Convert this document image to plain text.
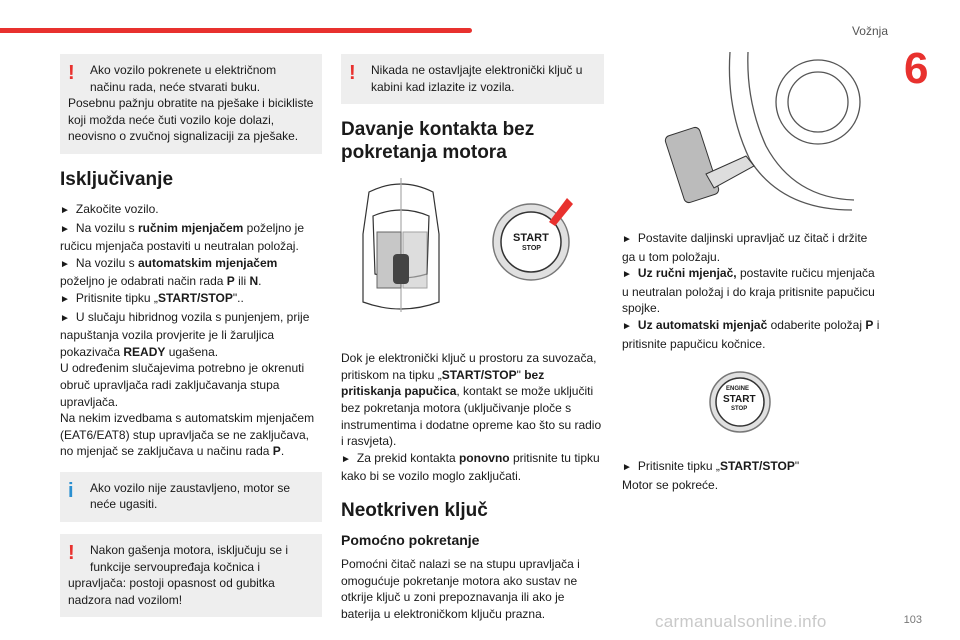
Vožnja
6
!	Ako vozilo pokrenete u električnom načinu rada, neće stvarati buku.

Posebnu pažnju obratite na pješake i bicikliste koji možda neće čuti vozilo koje dolazi, neovisno o zvučnoj signalizaciji za pješake.

Isključivanje

► Zakočite vozilo.

► Na vozilu s ručnim mjenjačem poželjno je ručicu mjenjača postaviti u neutralan položaj.

► Na vozilu s automatskim mjenjačem poželjno je odabrati način rada P ili N.

► Pritisnite tipku „START/STOP"..

► U slučaju hibridnog vozila s punjenjem, prije napuštanja vozila provjerite je li žaruljica pokazivača READY ugašena.

U određenim slučajevima potrebno je okrenuti obruč upravljača radi zaključavanja stupa upravljača.

Na nekim izvedbama s automatskim mjenjačem (EAT6/EAT8) stup upravljača se ne zaključava, no mjenjač se zaključava u načinu rada P.

i	Ako vozilo nije zaustavljeno, motor se neće ugasiti.

!	Nakon gašenja motora, isključuju se i funkcije servoupređaja kočnica i

upravljača: postoji opasnost od gubitka nadzora nad vozilom!

!	Nikada ne ostavljajte elektronički ključ u kabini kad izlazite iz vozila.

Davanje kontakta bez pokretanja motora
START
STOP

Dok je elektronički ključ u prostoru za suvozača, pritiskom na tipku „START/STOP" bez pritiskanja papučica, kontakt se može uključiti bez pokretanja motora (uključivanje ploče s instrumentima i dodatne opreme kao što su radio i rasvjeta).

► Za prekid kontakta ponovno pritisnite tu tipku kako bi se vozilo moglo zaključati.

Neotkriven ključ
Pomoćno pokretanje

Pomoćni čitač nalazi se na stupu upravljača i omogućuje pokretanje motora ako sustav ne otkrije ključ u zoni prepoznavanja ili ako je baterija u elektroničkom ključu prazna.

► Postavite daljinski upravljač uz čitač i držite ga u tom položaju.

► Uz ručni mjenjač, postavite ručicu mjenjača u neutralan položaj i do kraja pritisnite papučicu spojke.

► Uz automatski mjenjač odaberite položaj P i pritisnite papučicu kočnice.

ENGINE
START
STOP

► Pritisnite tipku „START/STOP"

Motor se pokreće.

carmanualsonline.info	103
